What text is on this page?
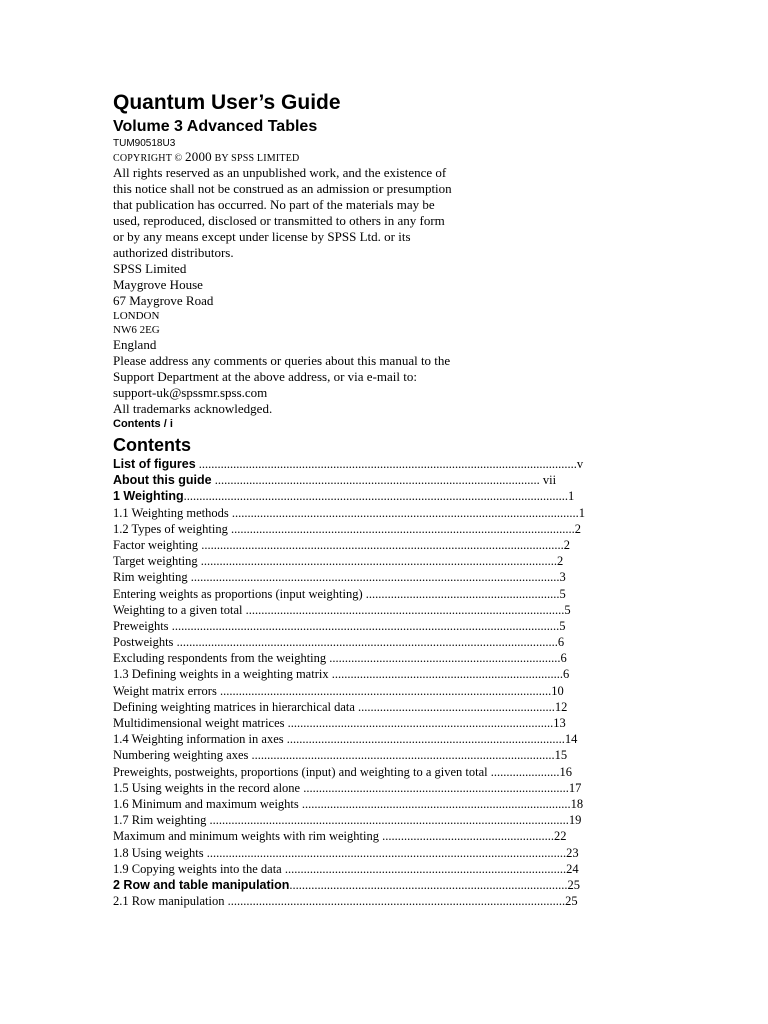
Quantum User’s Guide
Volume 3 Advanced Tables
TUM90518U3
COPYRIGHT © 2000 BY SPSS LIMITED
All rights reserved as an unpublished work, and the existence of
this notice shall not be construed as an admission or presumption
that publication has occurred. No part of the materials may be
used, reproduced, disclosed or transmitted to others in any form
or by any means except under license by SPSS Ltd. or its
authorized distributors.
SPSS Limited
Maygrove House
67 Maygrove Road
LONDON
NW6 2EG
England
Please address any comments or queries about this manual to the
Support Department at the above address, or via e-mail to:
support-uk@spssmr.spss.com
All trademarks acknowledged.
Contents / i
Contents
List of figures .........................................................................................................................v
About this guide ........................................................................................................ vii
1 Weighting...........................................................................................................................1
1.1 Weighting methods ...............................................................................................................1
1.2 Types of weighting ..............................................................................................................2
Factor weighting ....................................................................................................................2
Target weighting ..................................................................................................................2
Rim weighting ......................................................................................................................3
Entering weights as proportions (input weighting) ..............................................................5
Weighting to a given total ......................................................................................................5
Preweights ............................................................................................................................5
Postweights ..........................................................................................................................6
Excluding respondents from the weighting ..........................................................................6
1.3 Defining weights in a weighting matrix ..........................................................................6
Weight matrix errors ..........................................................................................................10
Defining weighting matrices in hierarchical data ...............................................................12
Multidimensional weight matrices .....................................................................................13
1.4 Weighting information in axes .........................................................................................14
Numbering weighting axes .................................................................................................15
Preweights, postweights, proportions (input) and weighting to a given total ......................16
1.5 Using weights in the record alone .....................................................................................17
1.6 Minimum and maximum weights ......................................................................................18
1.7 Rim weighting ...................................................................................................................19
Maximum and minimum weights with rim weighting .......................................................22
1.8 Using weights ...................................................................................................................23
1.9 Copying weights into the data ..........................................................................................24
2 Row and table manipulation.........................................................................................25
2.1 Row manipulation ............................................................................................................25
